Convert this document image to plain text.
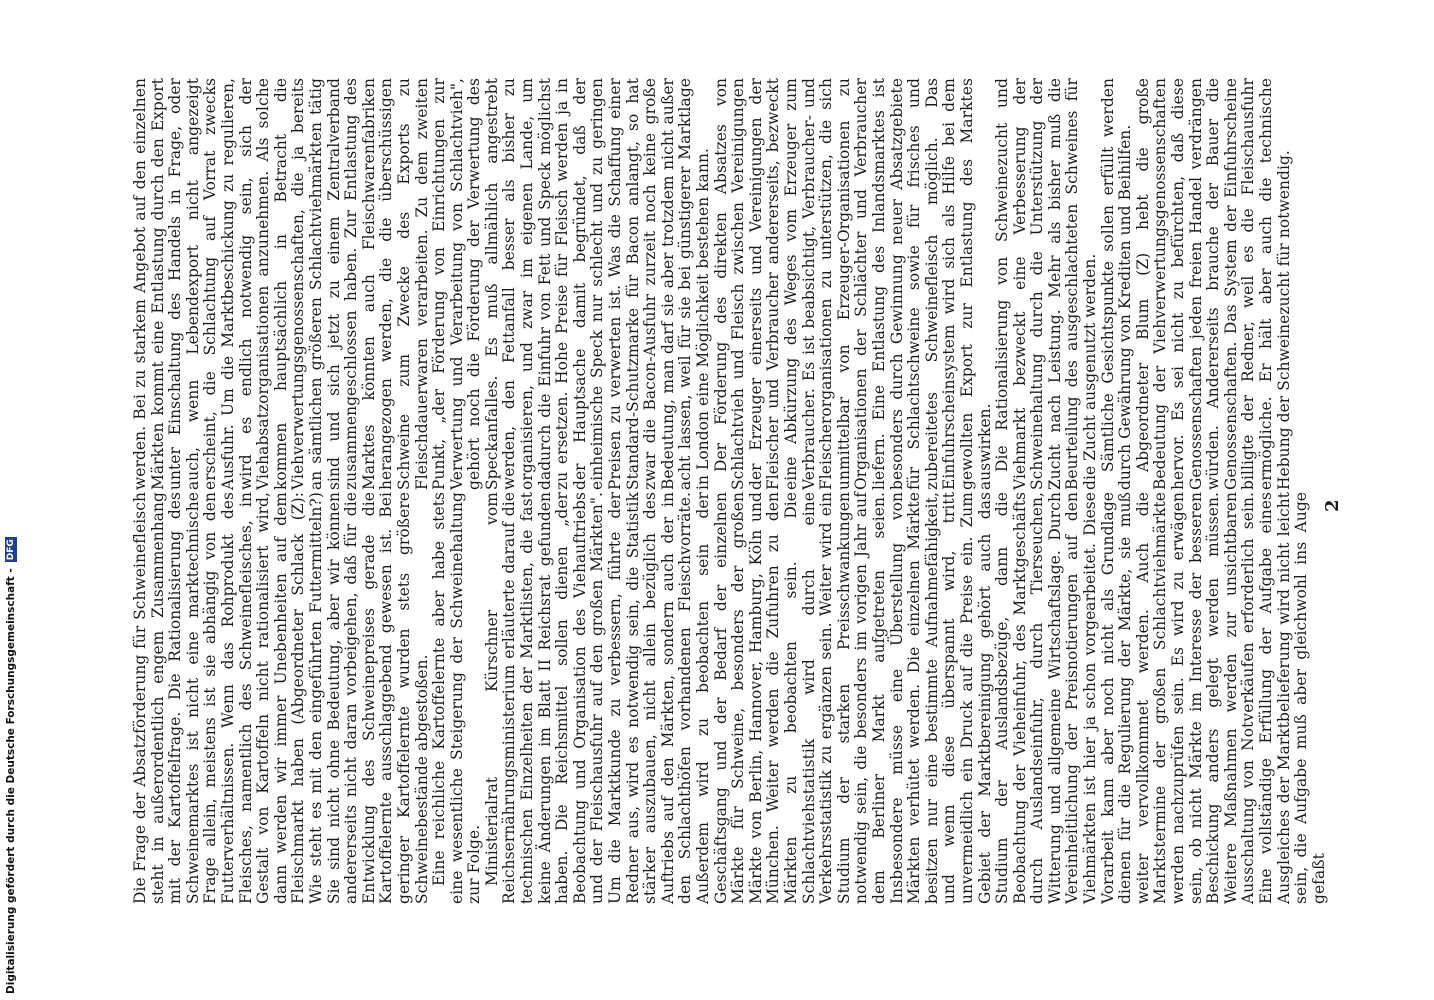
Die Frage der Absatzförderung für Schweinefleisch steht in außerordentlich engem Zusammenhang mit der Kartoffelfrage. Die Rationalisierung des Schweinemarktes ist nicht eine marktechnische Frage allein, meistens ist sie abhängig von den Futterverhältnissen. Wenn das Rohprodukt des Fleisches, namentlich des Schweinefleisches, in Gestalt von Kartoffeln nicht rationalisiert wird, dann werden wir immer Unebenheiten auf dem Fleischmarkt haben (Abgeordneter Schlack (Z): Wie steht es mit den eingeführten Futtermitteln?) Sie sind nicht ohne Bedeutung, aber wir können andererseits nicht daran vorbeigehen, daß für die Entwicklung des Schweinepreises gerade die Kartoffelernte ausschlaggebend gewesen ist. Bei geringer Kartoffelernte wurden stets größere Schweinebestände abgestoßen. Eine reichliche Kartoffelernte aber habe stets eine wesentliche Steigerung der Schweinehaltung zur Folge. Ministerialrat Kürschner vom Reichsernährungsministerium erläuterte darauf die technischen Einzelheiten der Marktlisten, die fast keine Änderungen im Blatt II Reichsrat gefunden haben. Die Reichsmittel sollen dienen „der Beobachtung und Organisation des Viehauftriebs und der Fleischausfuhr auf den großen Märkten". Um die Marktkunde zu verbessern, führte der Redner aus, wird es notwendig sein, die Statistik stärker auszubauen, nicht allein bezüglich des Auftriebs auf den Märkten, sondern auch der in den Schlachthöfen vorhandenen Fleischvorräte. Außerdem wird zu beobachten sein der Geschäftsgang und der Bedarf der einzelnen Märkte für Schweine, besonders der großen Märkte von Berlin, Hannover, Hamburg, Köln und München. Weiter werden die Zufuhren zu den Märkten zu beobachten sein. Die Schlachtviehstatistik wird durch eine Verkehrsstatistik zu ergänzen sein. Weiter wird ein Studium der starken Preisschwankungen notwendig sein, die besonders im vorigen Jahr auf dem Berliner Markt aufgetreten seien. Insbesondere müsse eine Überstellung von Märkten verhütet werden. Die einzelnen Märkte besitzen nur eine bestimmte Aufnahmefähigkeit, und wenn diese überspannt wird, tritt unvermeidlich ein Druck auf die Preise ein. Zum Gebiet der Marktbereinigung gehört auch das Studium der Auslandsbezüge, dann die Beobachtung der Vieheinfuhr, des Marktgeschäfts durch Auslandseinfuhr, durch Tierseuchen, Witterung und allgemeine Wirtschaftslage. Durch Vereinheitlichung der Preisnotierungen auf den Viehmärkten ist hier ja schon vorgearbeitet. Diese Vorarbeit kann aber noch nicht als Grundlage dienen für die Regulierung der Märkte, sie muß weiter vervollkommnet werden. Auch die Marktstermine der großen Schlachtviehmärkte werden nachzuprüfen sein. Es wird zu erwägen sein, ob nicht Märkte im Interesse der besseren Beschickung anders gelegt werden müssen. Weitere Maßnahmen werden zur unsichtbaren Ausschaltung von Notverkäufen erforderlich sein. Eine vollständige Erfüllung der Aufgabe eines Ausgleiches der Marktbelieferung wird nicht leicht sein, die Aufgabe muß aber gleichwohl ins Auge gefaßt

werden. Bei zu starkem Angebot auf den einzelnen Märkten kommt eine Entlastung durch den Export unter Einschaltung des Handels in Frage, oder auch, wenn Lebendexport nicht angezeigt erscheint, die Schlachtung auf Vorrat zwecks Ausfuhr. Um die Marktbeschickung zu regulieren, wird es endlich notwendig sein, sich der Viehabsatzorganisationen anzunehmen. Als solche kommen hauptsächlich in Betracht die Viehverwertungsgenossenschaften, die ja bereits an sämtlichen größeren Schlachtviehmärkten tätig sind und sich jetzt zu einem Zentralverband zusammengeschlossen haben. Zur Entlastung des Marktes könnten auch Fleischwarenfabriken herangezogen werden, die die überschüssigen Schweine zum Zwecke des Exports zu Fleischdauerwaren verarbeiten. Zu dem zweiten Punkt, „der Förderung von Einrichtungen zur Verwertung und Verarbeitung von Schlachtvieh", gehört noch die Förderung der Verwertung des Speckanfalles. Es muß allmählich angestrebt werden, den Fettanfall besser als bisher zu organisieren, und zwar im eigenen Lande, um dadurch die Einfuhr von Fett und Speck möglichst zu ersetzen. Hohe Preise für Fleisch werden ja in der Hauptsache damit begründet, daß der einheimische Speck nur schlecht und zu geringen Preisen zu verwerten ist. Was die Schaffung einer Standard-Schutzmarke für Bacon anlangt, so hat zwar die Bacon-Ausfuhr zurzeit noch keine große Bedeutung, man darf sie aber trotzdem nicht außer acht lassen, weil für sie bei günstigerer Marktlage in London eine Möglichkeit bestehen kann. Der Förderung des direkten Absatzes von Schlachtvieh und Fleisch zwischen Vereinigungen der Erzeuger einerseits und Vereinigungen der Fleischer und Verbraucher andererseits, bezweckt eine Abkürzung des Weges vom Erzeuger zum Verbraucher. Es ist beabsichtigt, Verbraucher- und Fleischerorganisationen zu unterstützen, die sich unmittelbar von Erzeuger-Organisationen zu Organisationen der Schlächter und Verbraucher liefern. Eine Entlastung des Inlandsmarktes ist besonders durch Gewinnung neuer Absatzgebiete für Schlachtschweine sowie für frisches und zubereitetes Schweinefleisch möglich. Das Einfuhrscheinsystem wird sich als Hilfe bei dem gewollten Export zur Entlastung des Marktes auswirken. Die Rationalisierung von Schweinezucht und Viehmarkt bezweckt eine Verbesserung der Schweinehaltung durch die Unterstützung der Zucht nach Leistung. Mehr als bisher muß die Beurteilung des ausgeschlachteten Schweines für die Zucht ausgenutzt werden. Sämtliche Gesichtspunkte sollen erfüllt werden durch Gewährung von Krediten und Beihilfen. Abgeordneter Blum (Z) hebt die große Bedeutung der Viehverwertungsgenossenschaften hervor. Es sei nicht zu befürchten, daß diese Genossenschaften jeden freien Handel verdrängen würden. Andererseits brauche der Bauer die Genossenschaften. Das System der Einfuhrscheine billigte der Redner, weil es die Fleischausfuhr ermögliche. Er hält aber auch die technische Hebung der Schweinezucht für notwendig.

2
Digitalisierung gefördert durch die Deutsche Forschungsgemeinschaft -
DFG
